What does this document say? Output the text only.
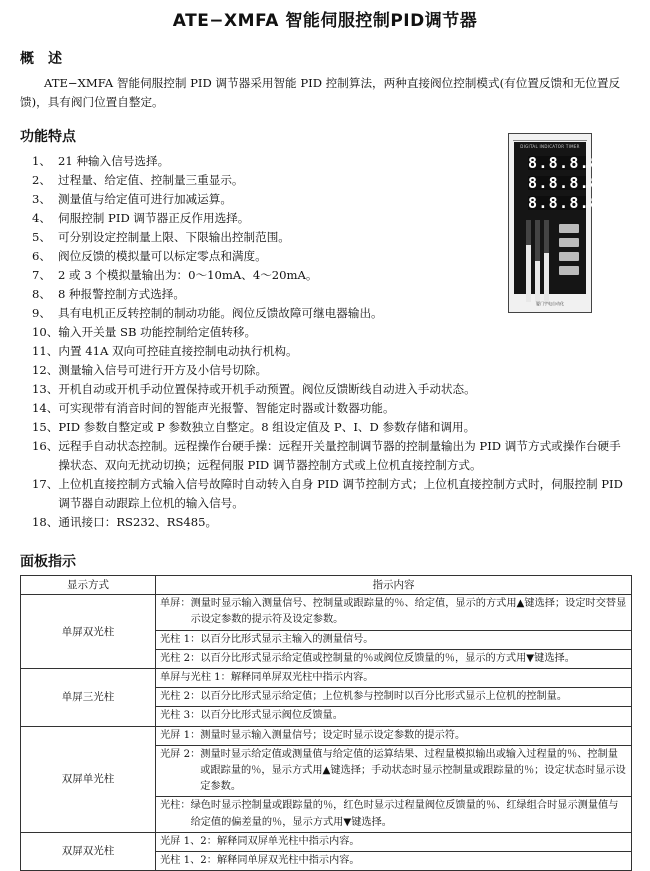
ATE−XMFA 智能伺服控制PID调节器
概　述
ATE−XMFA 智能伺服控制 PID 调节器采用智能 PID 控制算法，两种直接阀位控制模式(有位置反馈和无位置反馈)，具有阀门位置自整定。
功能特点
1、 21 种输入信号选择。
2、 过程量、给定值、控制量三重显示。
3、 测量值与给定值可进行加减运算。
4、 伺服控制 PID 调节器正反作用选择。
5、 可分别设定控制量上限、下限输出控制范围。
6、 阀位反馈的模拟量可以标定零点和满度。
7、 2 或 3 个模拟量输出为：0～10mA、4～20mA。
8、 8 种报警控制方式选择。
9、 具有电机正反转控制的制动功能。阀位反馈故障可继电器输出。
10、 输入开关量 SB 功能控制给定值转移。
11、 内置 41A 双向可控硅直接控制电动执行机构。
12、 测量输入信号可进行开方及小信号切除。
13、 开机自动或开机手动位置保持或开机手动预置。阀位反馈断线自动进入手动状态。
14、 可实现带有消音时间的智能声光报警、智能定时器或计数器功能。
15、 PID 参数自整定或 P 参数独立自整定。8 组设定值及 P、I、D 参数存储和调用。
16、 远程手自动状态控制。远程操作台硬手操：远程开关量控制调节器的控制量输出为 PID 调节方式或操作台硬手操状态、双向无扰动切换；远程伺服 PID 调节器控制方式或上位机直接控制方式。
17、 上位机直接控制方式输入信号故障时自动转入自身 PID 调节控制方式；上位机直接控制方式时，伺服控制 PID 调节器自动跟踪上位机的输入信号。
18、 通讯接口：RS232、RS485。
DIGITAL INDICATOR TIMER
8.8.8.8
8.8.8.8
8.8.8.8
厦门宇电自动化
面板指示
显示方式	指示内容
单屏双光柱	单屏： 测量时显示输入测量信号、控制量或跟踪量的％、给定值，显示的方式用▲键选择；设定时交替显示设定参数的提示符及设定参数。

	光柱 1： 以百分比形式显示主输入的测量信号。

	光柱 2： 以百分比形式显示给定值或控制量的％或阀位反馈量的％，显示的方式用▼键选择。

单屏三光柱	单屏与光柱 1： 解释同单屏双光柱中指示内容。

	光柱 2： 以百分比形式显示给定值；上位机参与控制时以百分比形式显示上位机的控制量。

	光柱 3： 以百分比形式显示阀位反馈量。

双屏单光柱	光屏 1： 测量时显示输入测量信号；设定时显示设定参数的提示符。

	光屏 2： 测量时显示给定值或测量值与给定值的运算结果、过程量模拟输出或输入过程量的％、控制量或跟踪量的％，显示方式用▲键选择；手动状态时显示控制量或跟踪量的％；设定状态时显示设定参数。

	光柱： 绿色时显示控制量或跟踪量的％，红色时显示过程量阀位反馈量的％、红绿组合时显示测量值与给定值的偏差量的％，显示方式用▼键选择。

双屏双光柱	光屏 1、2： 解释同双屏单光柱中指示内容。

	光柱 1、2： 解释同单屏双光柱中指示内容。
